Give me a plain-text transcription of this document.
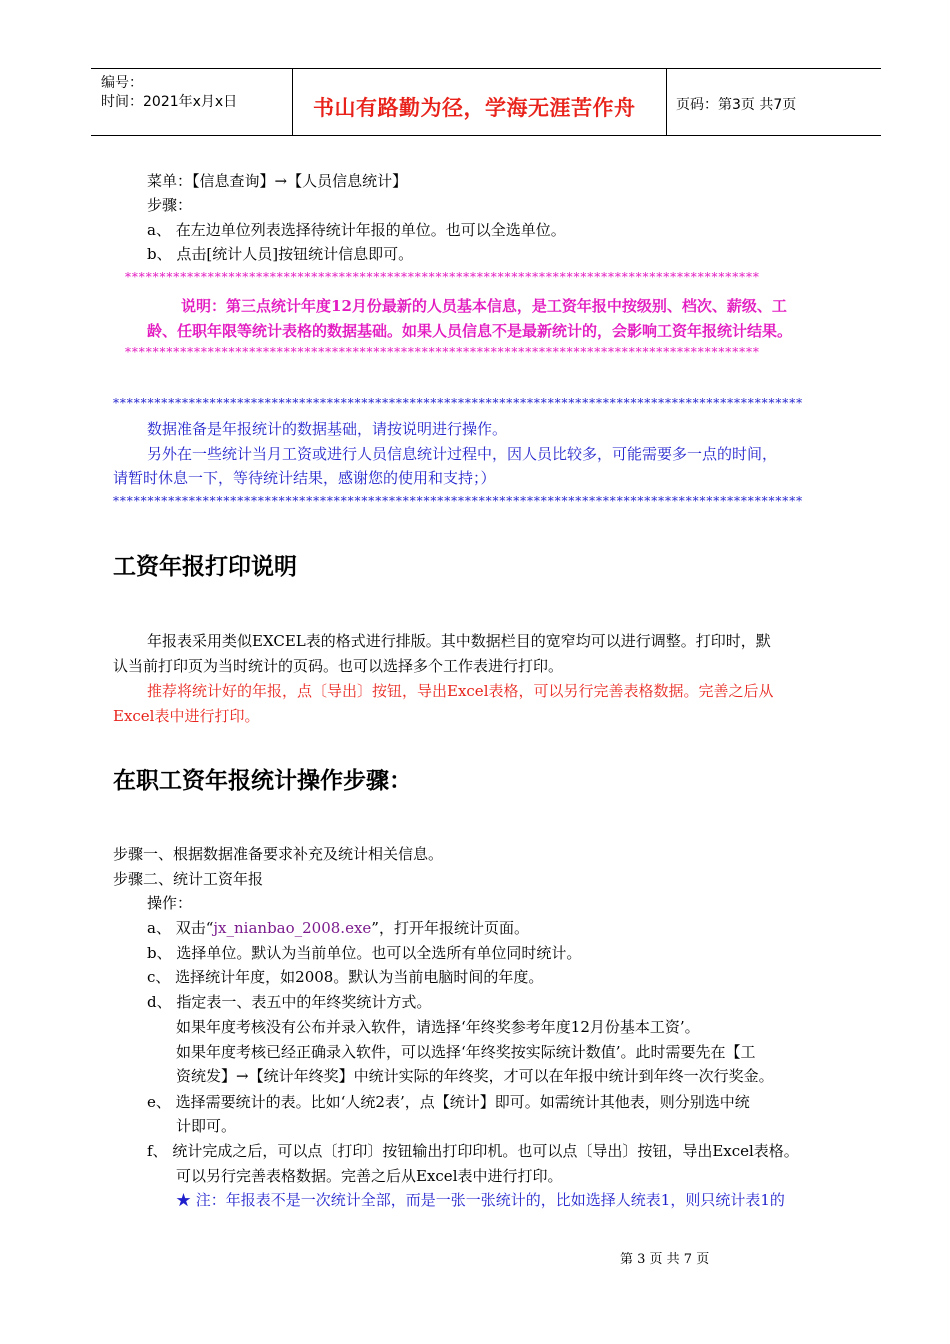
编号：
时间：2021年x月x日	书山有路勤为径，学海无涯苦作舟	页码：第3页 共7页
菜单：【信息查询】→【人员信息统计】
步骤：
a、 在左边单位列表选择待统计年报的单位。也可以全选单位。
b、 点击[统计人员]按钮统计信息即可。
********************************************************************************************
说明：第三点统计年度12月份最新的人员基本信息，是工资年报中按级别、档次、薪级、工
龄、任职年限等统计表格的数据基础。如果人员信息不是最新统计的，会影响工资年报统计结果。
********************************************************************************************
****************************************************************************************************
数据准备是年报统计的数据基础，请按说明进行操作。
另外在一些统计当月工资或进行人员信息统计过程中，因人员比较多，可能需要多一点的时间，
请暂时休息一下，等待统计结果，感谢您的使用和支持；）
****************************************************************************************************
工资年报打印说明
年报表采用类似EXCEL表的格式进行排版。其中数据栏目的宽窄均可以进行调整。打印时，默
认当前打印页为当时统计的页码。也可以选择多个工作表进行打印。
推荐将统计好的年报，点〔导出〕按钮，导出Excel表格，可以另行完善表格数据。完善之后从
Excel表中进行打印。
在职工资年报统计操作步骤：
步骤一、根据数据准备要求补充及统计相关信息。
步骤二、统计工资年报
操作：
a、 双击“jx_nianbao_2008.exe”，打开年报统计页面。
b、 选择单位。默认为当前单位。也可以全选所有单位同时统计。
c、 选择统计年度，如2008。默认为当前电脑时间的年度。
d、 指定表一、表五中的年终奖统计方式。
如果年度考核没有公布并录入软件，请选择‘年终奖参考年度12月份基本工资’。
如果年度考核已经正确录入软件，可以选择‘年终奖按实际统计数值’。此时需要先在【工
资统发】→【统计年终奖】中统计实际的年终奖，才可以在年报中统计到年终一次行奖金。
e、 选择需要统计的表。比如‘人统2表’，点【统计】即可。如需统计其他表，则分别选中统
计即可。
f、 统计完成之后，可以点〔打印〕按钮输出打印印机。也可以点〔导出〕按钮，导出Excel表格。
可以另行完善表格数据。完善之后从Excel表中进行打印。
★ 注：年报表不是一次统计全部，而是一张一张统计的，比如选择人统表1，则只统计表1的
第 3 页 共 7 页
